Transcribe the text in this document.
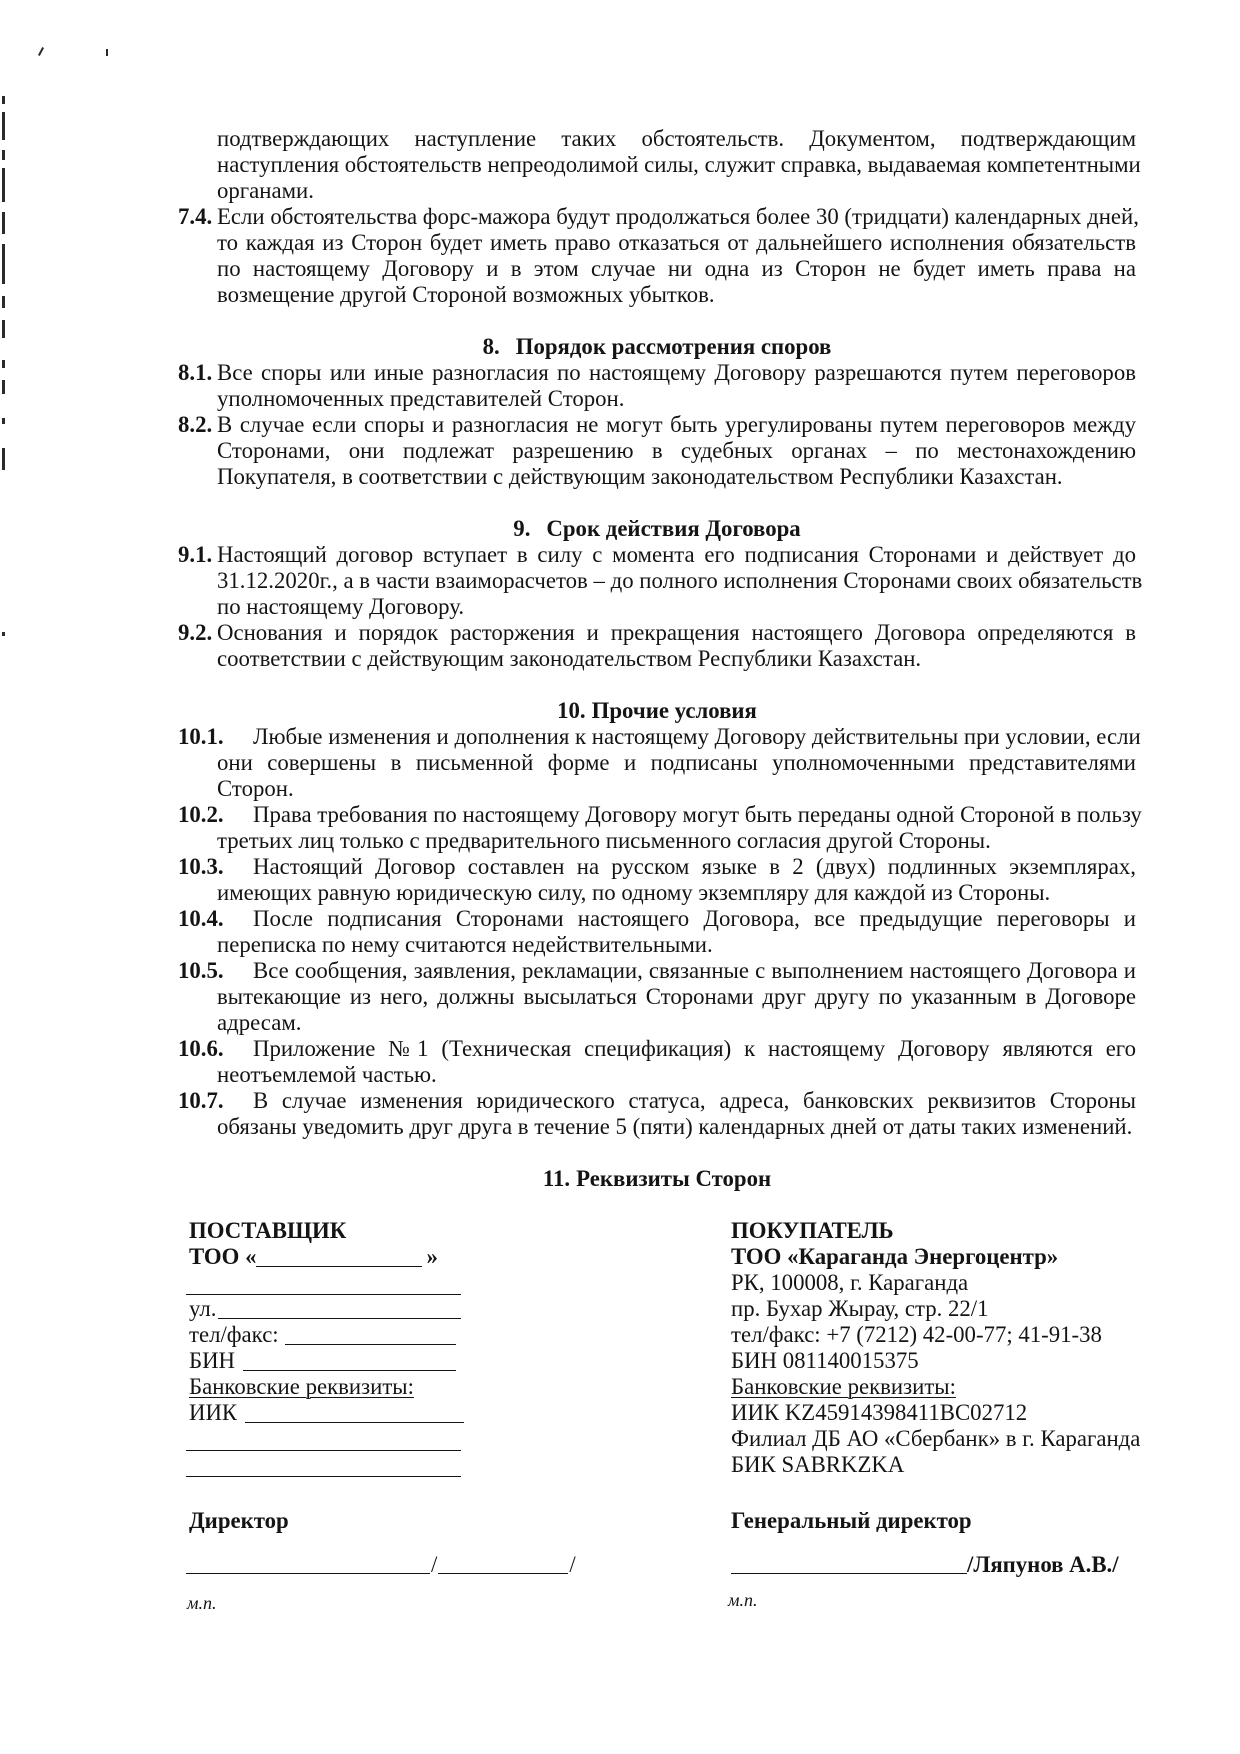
подтверждающих наступление таких обстоятельств. Документом, подтверждающим
наступления обстоятельств непреодолимой силы, служит справка, выдаваемая компетентными
органами.
7.4. Если обстоятельства форс-мажора будут продолжаться более 30 (тридцати) календарных дней,
то каждая из Сторон будет иметь право отказаться от дальнейшего исполнения обязательств
по настоящему Договору и в этом случае ни одна из Сторон не будет иметь права на
возмещение другой Стороной возможных убытков.
8. Порядок рассмотрения споров
8.1. Все споры или иные разногласия по настоящему Договору разрешаются путем переговоров
уполномоченных представителей Сторон.
8.2. В случае если споры и разногласия не могут быть урегулированы путем переговоров между
Сторонами, они подлежат разрешению в судебных органах – по местонахождению
Покупателя, в соответствии с действующим законодательством Республики Казахстан.
9. Срок действия Договора
9.1. Настоящий договор вступает в силу с момента его подписания Сторонами и действует до
31.12.2020г., а в части взаиморасчетов – до полного исполнения Сторонами своих обязательств
по настоящему Договору.
9.2. Основания и порядок расторжения и прекращения настоящего Договора определяются в
соответствии с действующим законодательством Республики Казахстан.
10. Прочие условия
10.1. Любые изменения и дополнения к настоящему Договору действительны при условии, если
они совершены в письменной форме и подписаны уполномоченными представителями
Сторон.
10.2. Права требования по настоящему Договору могут быть переданы одной Стороной в пользу
третьих лиц только с предварительного письменного согласия другой Стороны.
10.3. Настоящий Договор составлен на русском языке в 2 (двух) подлинных экземплярах,
имеющих равную юридическую силу, по одному экземпляру для каждой из Стороны.
10.4. После подписания Сторонами настоящего Договора, все предыдущие переговоры и
переписка по нему считаются недействительными.
10.5. Все сообщения, заявления, рекламации, связанные с выполнением настоящего Договора и
вытекающие из него, должны высылаться Сторонами друг другу по указанным в Договоре
адресам.
10.6. Приложение №1 (Техническая спецификация) к настоящему Договору являются его
неотъемлемой частью.
10.7. В случае изменения юридического статуса, адреса, банковских реквизитов Стороны
обязаны уведомить друг друга в течение 5 (пяти) календарных дней от даты таких изменений.
11. Реквизиты Сторон
ПОСТАВЩИК
ТОО «	»
ул.
тел/факс:
БИН
Банковские реквизиты:
ИИК
ПОКУПАТЕЛЬ
ТОО «Караганда Энергоцентр»
РК, 100008, г. Караганда
пр. Бухар Жырау, стр. 22/1
тел/факс: +7 (7212) 42-00-77; 41-91-38
БИН 081140015375
Банковские реквизиты:
ИИК KZ45914398411BC02712
Филиал ДБ АО «Сбербанк» в г. Караганда
БИК SABRKZKA
Директор	Генеральный директор
/	/	/Ляпунов А.В./
м.п.	м.п.
